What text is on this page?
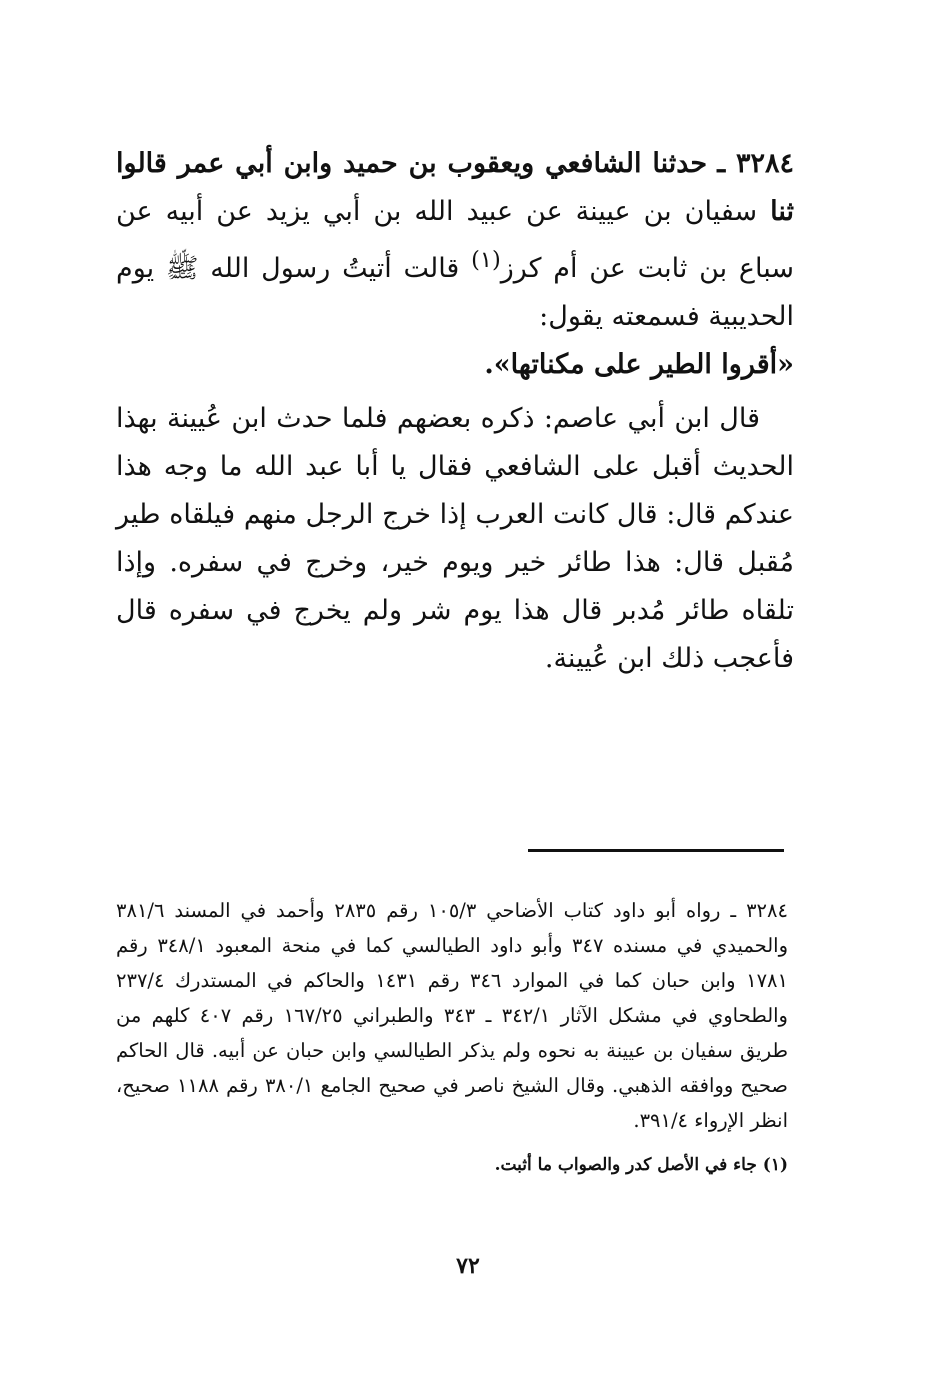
٣٢٨٤ ـ حدثنا الشافعي ويعقوب بن حميد وابن أبي عمر قالوا ثنا سفيان بن عيينة عن عبيد الله بن أبي يزيد عن أبيه عن سباع بن ثابت عن أم كرز$^{(١)}$ قالت أتيتُ رسول الله ﷺ يوم الحديبية فسمعته يقول:

«أقروا الطير على مكناتها».

قال ابن أبي عاصم: ذكره بعضهم فلما حدث ابن عُيينة بهذا الحديث أقبل على الشافعي فقال يا أبا عبد الله ما وجه هذا عندكم قال: قال كانت العرب إذا خرج الرجل منهم فيلقاه طير مُقبل قال: هذا طائر خير ويوم خير، وخرج في سفره. وإذا تلقاه طائر مُدبر قال هذا يوم شر ولم يخرج في سفره قال فأعجب ذلك ابن عُيينة.

٣٢٨٤ ـ رواه أبو داود كتاب الأضاحي ١٠٥/٣ رقم ٢٨٣٥ وأحمد في المسند ٣٨١/٦ والحميدي في مسنده ٣٤٧ وأبو داود الطيالسي كما في منحة المعبود ٣٤٨/١ رقم ١٧٨١ وابن حبان كما في الموارد ٣٤٦ رقم ١٤٣١ والحاكم في المستدرك ٢٣٧/٤ والطحاوي في مشكل الآثار ٣٤٢/١ ـ ٣٤٣ والطبراني ١٦٧/٢٥ رقم ٤٠٧ كلهم من طريق سفيان بن عيينة به نحوه ولم يذكر الطيالسي وابن حبان عن أبيه. قال الحاكم صحيح ووافقه الذهبي. وقال الشيخ ناصر في صحيح الجامع ٣٨٠/١ رقم ١١٨٨ صحيح، انظر الإرواء ٣٩١/٤.

(١) جاء في الأصل كدر والصواب ما أثبت.

٧٢
